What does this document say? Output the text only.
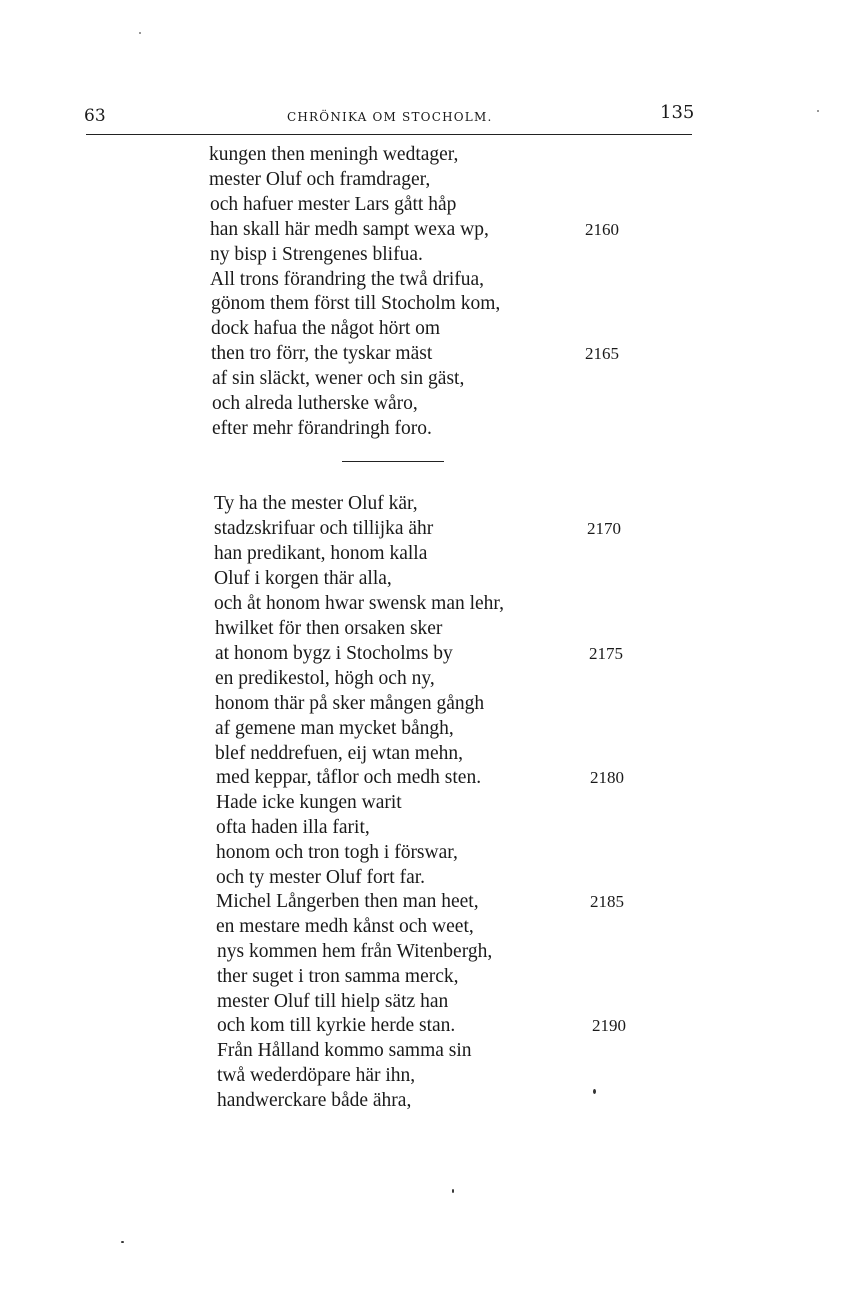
63	CHRÖNIKA OM STOCHOLM.	135
kungen then meningh wedtager,
mester Oluf och framdrager,
och hafuer mester Lars gått håp
han skall här medh sampt wexa wp,
ny bisp i Strengenes blifua.
All trons förandring the twå drifua,
gönom them först till Stocholm kom,
dock hafua the något hört om
then tro förr, the tyskar mäst
af sin släckt, wener och sin gäst,
och alreda lutherske wåro,
efter mehr förandringh foro.
2160
2165
Ty ha the mester Oluf kär,
stadzskrifuar och tillijka ähr
han predikant, honom kalla
Oluf i korgen thär alla,
och åt honom hwar swensk man lehr,
hwilket för then orsaken sker
at honom bygz i Stocholms by
en predikestol, högh och ny,
honom thär på sker mången gångh
af gemene man mycket bångh,
blef neddrefuen, eij wtan mehn,
med keppar, tåflor och medh sten.
Hade icke kungen warit
ofta haden illa farit,
honom och tron togh i förswar,
och ty mester Oluf fort far.
Michel Långerben then man heet,
en mestare medh kånst och weet,
nys kommen hem från Witenbergh,
ther suget i tron samma merck,
mester Oluf till hielp sätz han
och kom till kyrkie herde stan.
Från Hålland kommo samma sin
twå wederdöpare här ihn,
handwerckare både ähra,
2170
2175
2180
2185
2190
